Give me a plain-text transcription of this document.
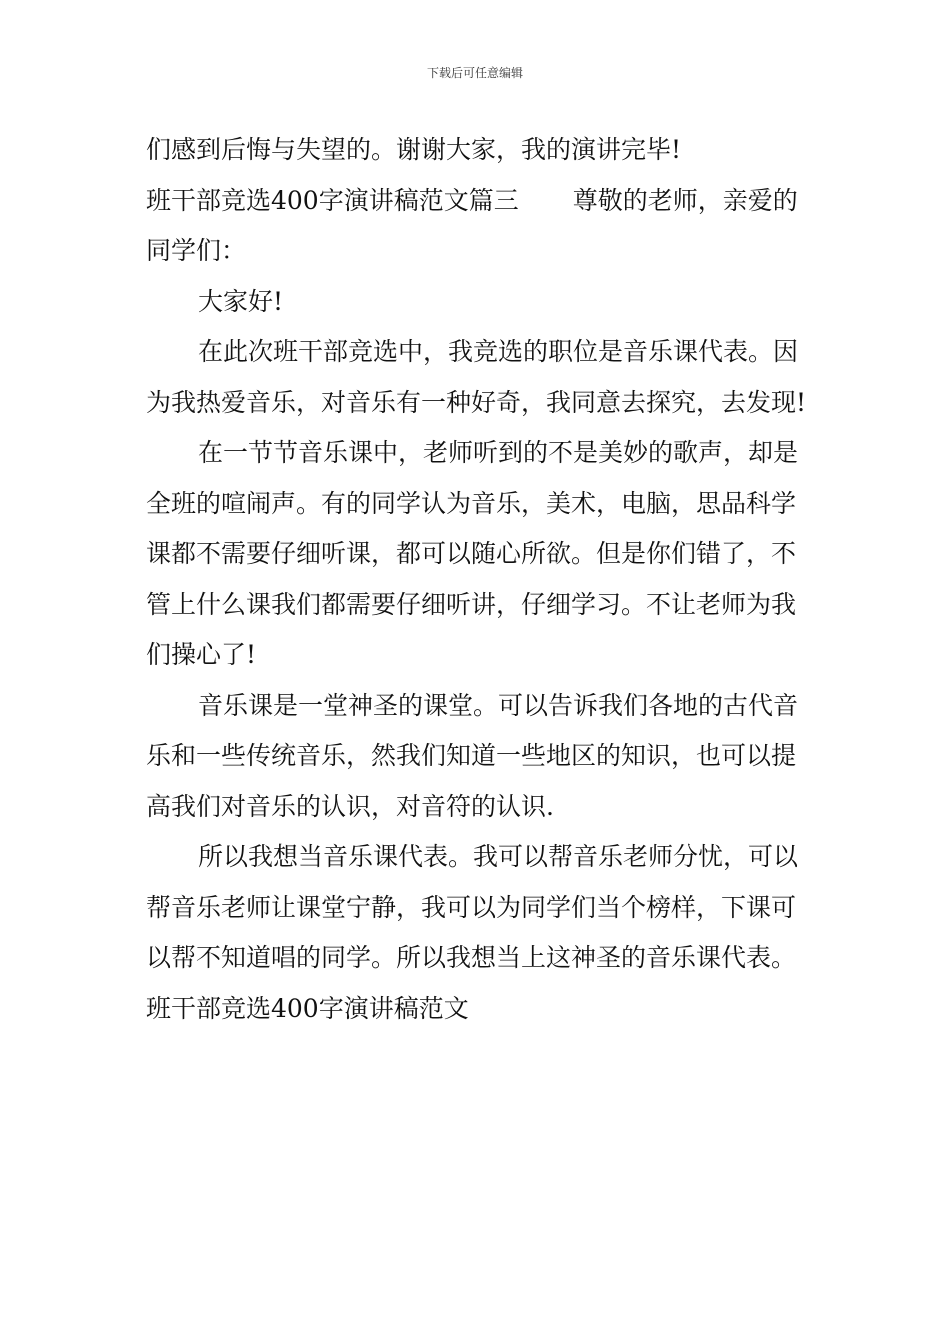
下载后可任意编辑

们感到后悔与失望的。谢谢大家，我的演讲完毕!

班干部竞选400字演讲稿范文篇三 尊敬的老师，亲爱的

同学们：

大家好!

在此次班干部竞选中，我竞选的职位是音乐课代表。因为我热爱音乐，对音乐有一种好奇，我同意去探究，去发现!

在一节节音乐课中，老师听到的不是美妙的歌声，却是全班的喧闹声。有的同学认为音乐，美术，电脑，思品科学课都不需要仔细听课，都可以随心所欲。但是你们错了，不管上什么课我们都需要仔细听讲，仔细学习。不让老师为我们操心了!

音乐课是一堂神圣的课堂。可以告诉我们各地的古代音乐和一些传统音乐，然我们知道一些地区的知识，也可以提高我们对音乐的认识，对音符的认识.

所以我想当音乐课代表。我可以帮音乐老师分忧，可以帮音乐老师让课堂宁静，我可以为同学们当个榜样，下课可以帮不知道唱的同学。所以我想当上这神圣的音乐课代表。

班干部竞选400字演讲稿范文
